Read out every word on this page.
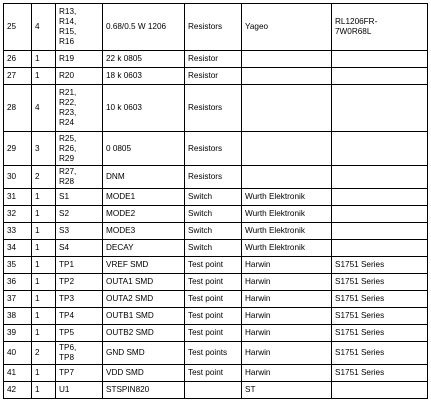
25	4	R13,
R14,
R15,
R16	0.68/0.5 W 1206	Resistors	Yageo	RL1206FR-
7W0R68L
26	1	R19	22 k 0805	Resistor		
27	1	R20	18 k 0603	Resistor		
28	4	R21,
R22,
R23,
R24	10 k 0603	Resistors		
29	3	R25,
R26,
R29	0 0805	Resistors		
30	2	R27,
R28	DNM	Resistors		
31	1	S1	MODE1	Switch	Wurth Elektronik	
32	1	S2	MODE2	Switch	Wurth Elektronik	
33	1	S3	MODE3	Switch	Wurth Elektronik	
34	1	S4	DECAY	Switch	Wurth Elektronik	
35	1	TP1	VREF SMD	Test point	Harwin	S1751 Series
36	1	TP2	OUTA1 SMD	Test point	Harwin	S1751 Series
37	1	TP3	OUTA2 SMD	Test point	Harwin	S1751 Series
38	1	TP4	OUTB1 SMD	Test point	Harwin	S1751 Series
39	1	TP5	OUTB2 SMD	Test point	Harwin	S1751 Series
40	2	TP6,
TP8	GND SMD	Test points	Harwin	S1751 Series
41	1	TP7	VDD SMD	Test point	Harwin	S1751 Series
42	1	U1	STSPIN820		ST	
